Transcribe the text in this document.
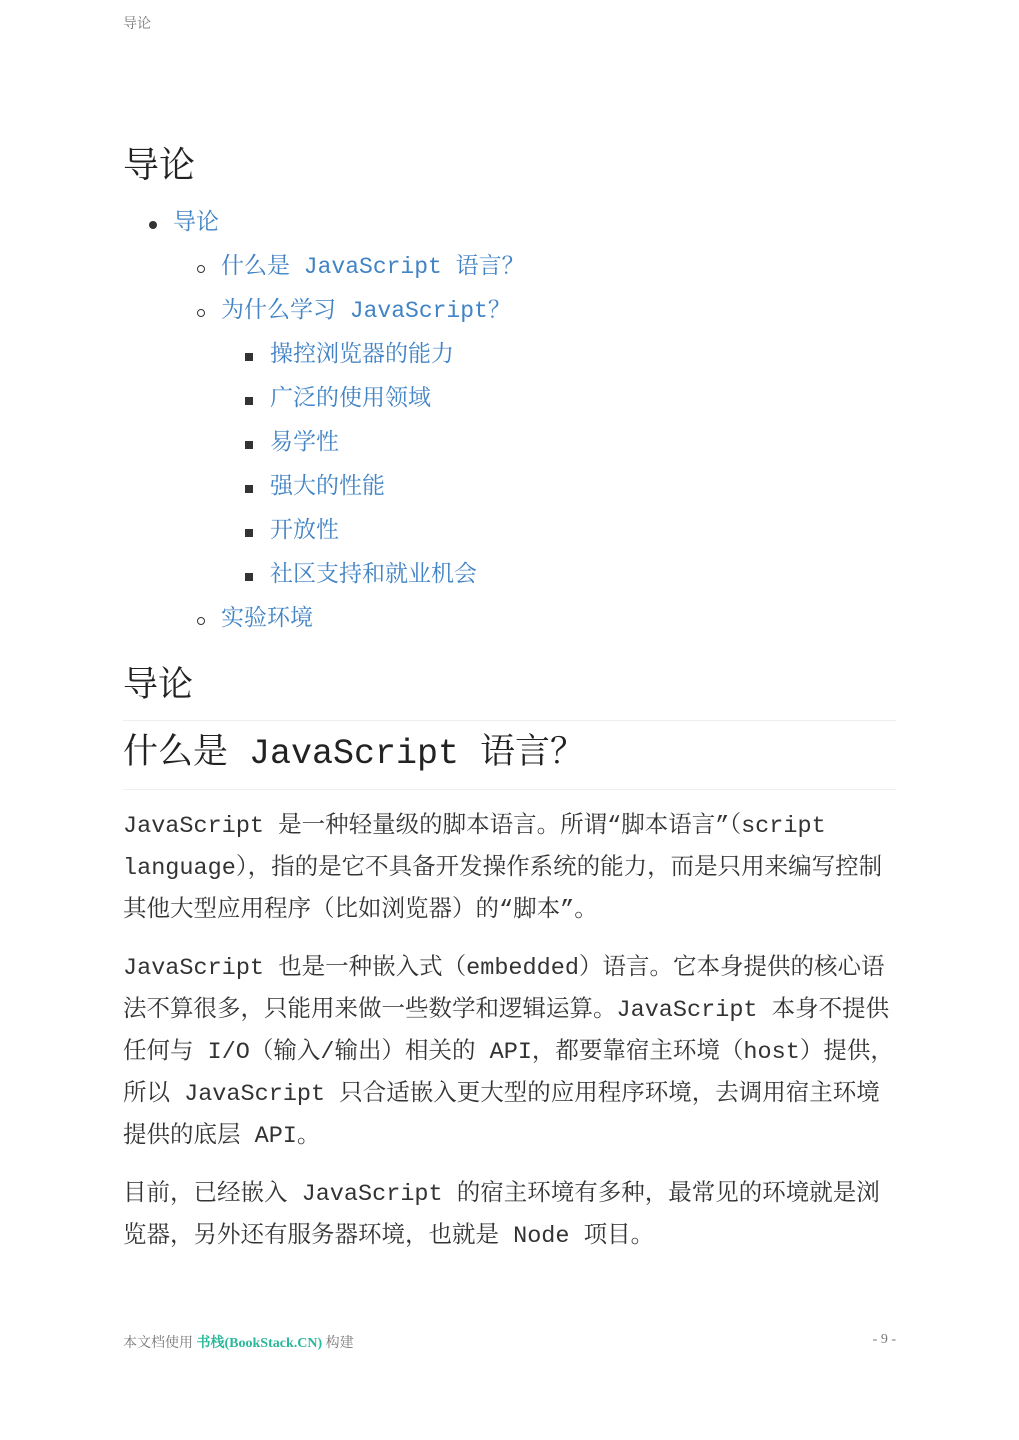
导论
导论
导论
什么是 JavaScript 语言？
为什么学习 JavaScript？
操控浏览器的能力
广泛的使用领域
易学性
强大的性能
开放性
社区支持和就业机会
实验环境
导论
什么是 JavaScript 语言？

JavaScript 是一种轻量级的脚本语言。所谓“脚本语言”（script language），指的是它不具备开发操作系统的能力，而是只用来编写控制其他大型应用程序（比如浏览器）的“脚本”。

JavaScript 也是一种嵌入式（embedded）语言。它本身提供的核心语法不算很多，只能用来做一些数学和逻辑运算。JavaScript 本身不提供任何与 I/O（输入/输出）相关的 API，都要靠宿主环境（host）提供，所以 JavaScript 只合适嵌入更大型的应用程序环境，去调用宿主环境提供的底层 API。

目前，已经嵌入 JavaScript 的宿主环境有多种，最常见的环境就是浏览器，另外还有服务器环境，也就是 Node 项目。

本文档使用 书栈(BookStack.CN) 构建	- 9 -
